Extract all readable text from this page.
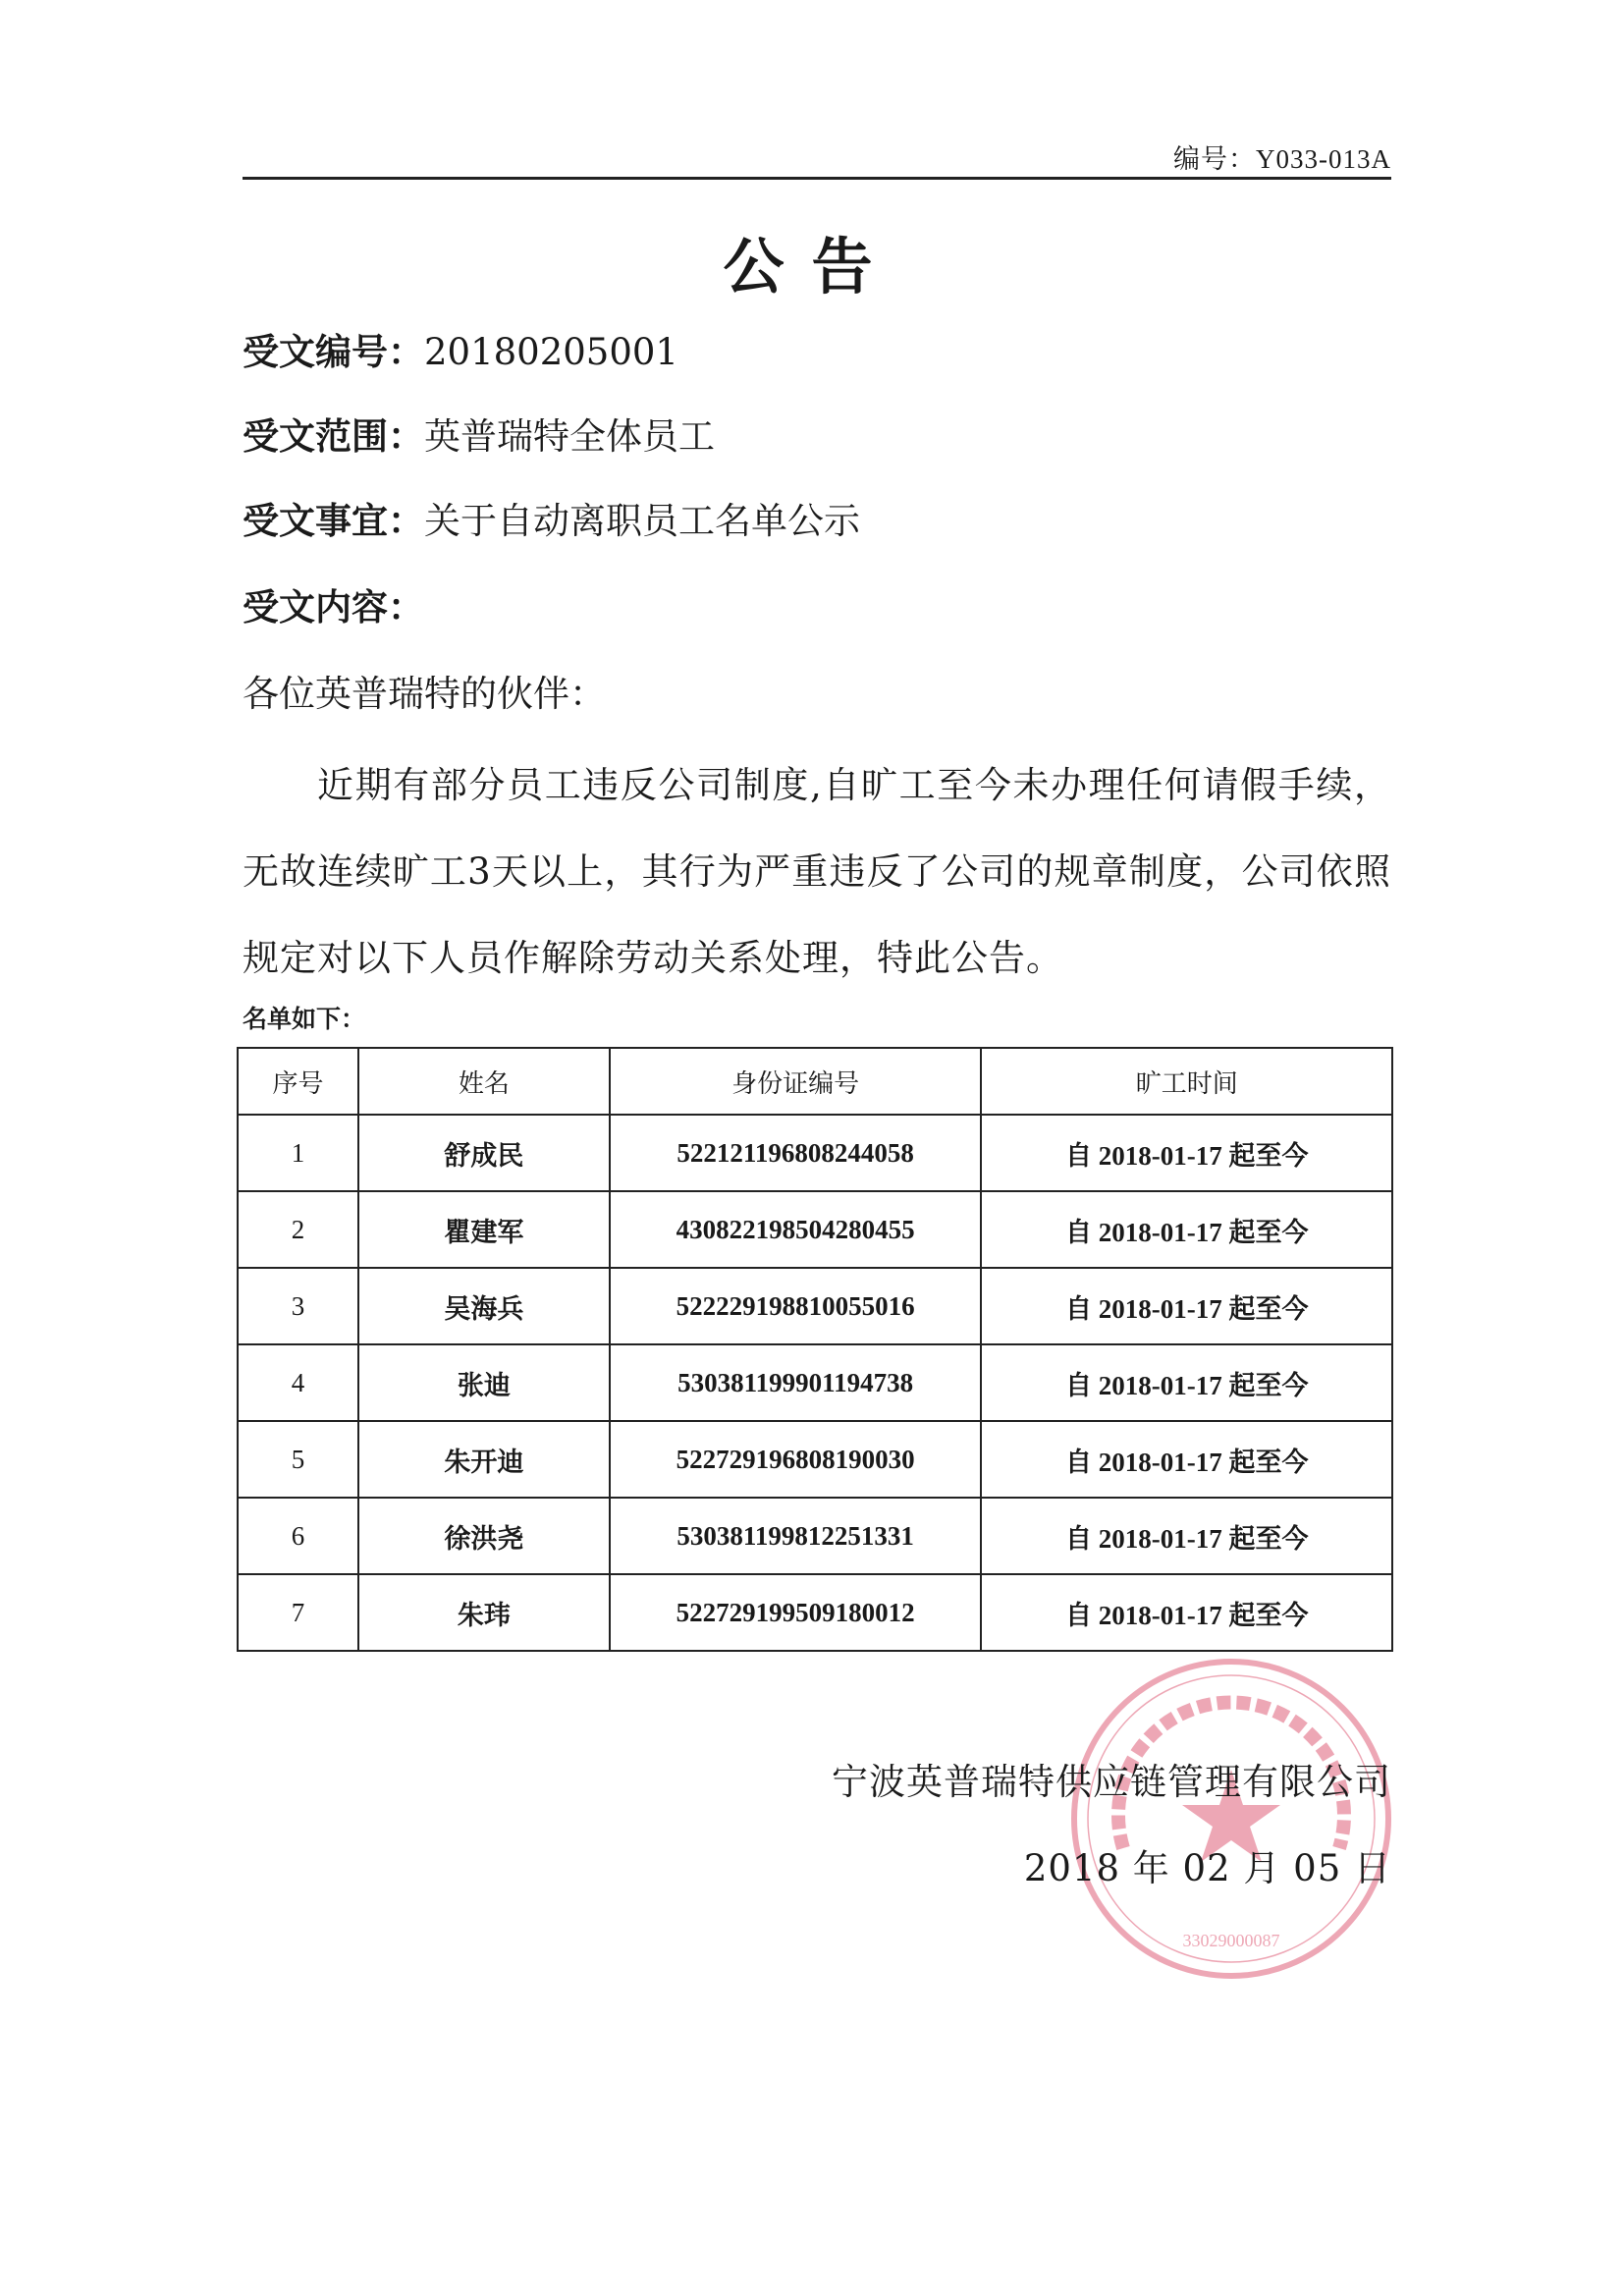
编号：Y033-013A
公告
受文编号：20180205001
受文范围：英普瑞特全体员工
受文事宜：关于自动离职员工名单公示
受文内容：
各位英普瑞特的伙伴：
近期有部分员工违反公司制度,自旷工至今未办理任何请假手续，无故连续旷工3天以上，其行为严重违反了公司的规章制度，公司依照规定对以下人员作解除劳动关系处理，特此公告。
名单如下：
序号	姓名	身份证编号	旷工时间
1	舒成民	522121196808244058	自 2018-01-17 起至今
2	瞿建军	430822198504280455	自 2018-01-17 起至今
3	吴海兵	522229198810055016	自 2018-01-17 起至今
4	张迪	530381199901194738	自 2018-01-17 起至今
5	朱开迪	522729196808190030	自 2018-01-17 起至今
6	徐洪尧	530381199812251331	自 2018-01-17 起至今
7	朱玮	522729199509180012	自 2018-01-17 起至今
33029000087
宁波英普瑞特供应链管理有限公司
2018 年 02 月 05 日
